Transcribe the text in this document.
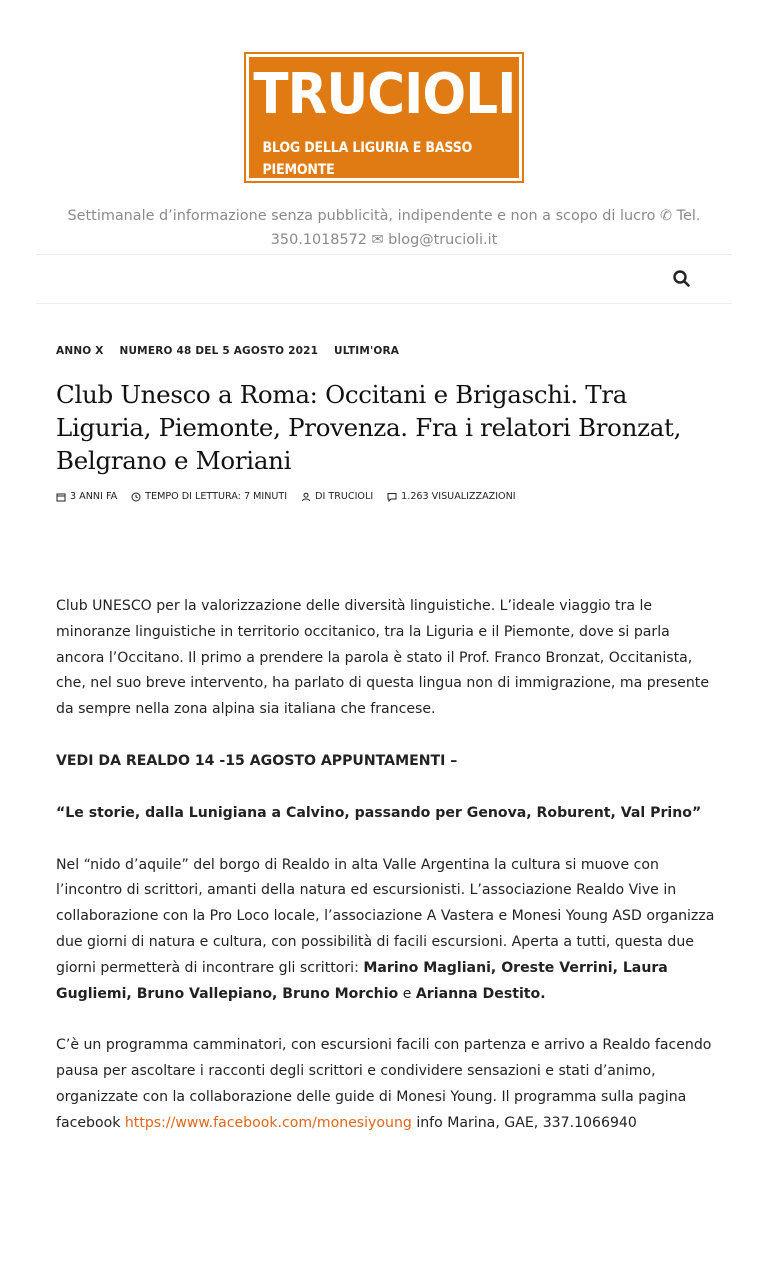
TRUCIOLI
BLOG DELLA LIGURIA E BASSO PIEMONTE
Settimanale d’informazione senza pubblicità, indipendente e non a scopo di lucro ✆ Tel. 350.1018572 ✉ blog@trucioli.it
ANNO X NUMERO 48 DEL 5 AGOSTO 2021 ULTIM'ORA
Club Unesco a Roma: Occitani e Brigaschi. Tra Liguria, Piemonte, Provenza. Fra i relatori Bronzat, Belgrano e Moriani
3 ANNI FA	TEMPO DI LETTURA: 7 MINUTI	DI TRUCIOLI	1.263 VISUALIZZAZIONI

Club UNESCO per la valorizzazione delle diversità linguistiche. L’ideale viaggio tra le minoranze linguistiche in territorio occitanico, tra la Liguria e il Piemonte, dove si parla ancora l’Occitano. Il primo a prendere la parola è stato il Prof. Franco Bronzat, Occitanista, che, nel suo breve intervento, ha parlato di questa lingua non di immigrazione, ma presente da sempre nella zona alpina sia italiana che francese.

VEDI DA REALDO 14 -15 AGOSTO APPUNTAMENTI –

“Le storie, dalla Lunigiana a Calvino, passando per Genova, Roburent, Val Prino”

Nel “nido d’aquile” del borgo di Realdo in alta Valle Argentina la cultura si muove con l’incontro di scrittori, amanti della natura ed escursionisti. L’associazione Realdo Vive in collaborazione con la Pro Loco locale, l’associazione A Vastera e Monesi Young ASD organizza due giorni di natura e cultura, con possibilità di facili escursioni. Aperta a tutti, questa due giorni permetterà di incontrare gli scrittori: Marino Magliani, Oreste Verrini, Laura Gugliemi, Bruno Vallepiano, Bruno Morchio e Arianna Destito.

C’è un programma camminatori, con escursioni facili con partenza e arrivo a Realdo facendo pausa per ascoltare i racconti degli scrittori e condividere sensazioni e stati d’animo, organizzate con la collaborazione delle guide di Monesi Young. Il programma sulla pagina facebook https://www.facebook.com/monesiyoung info Marina, GAE, 337.1066940
